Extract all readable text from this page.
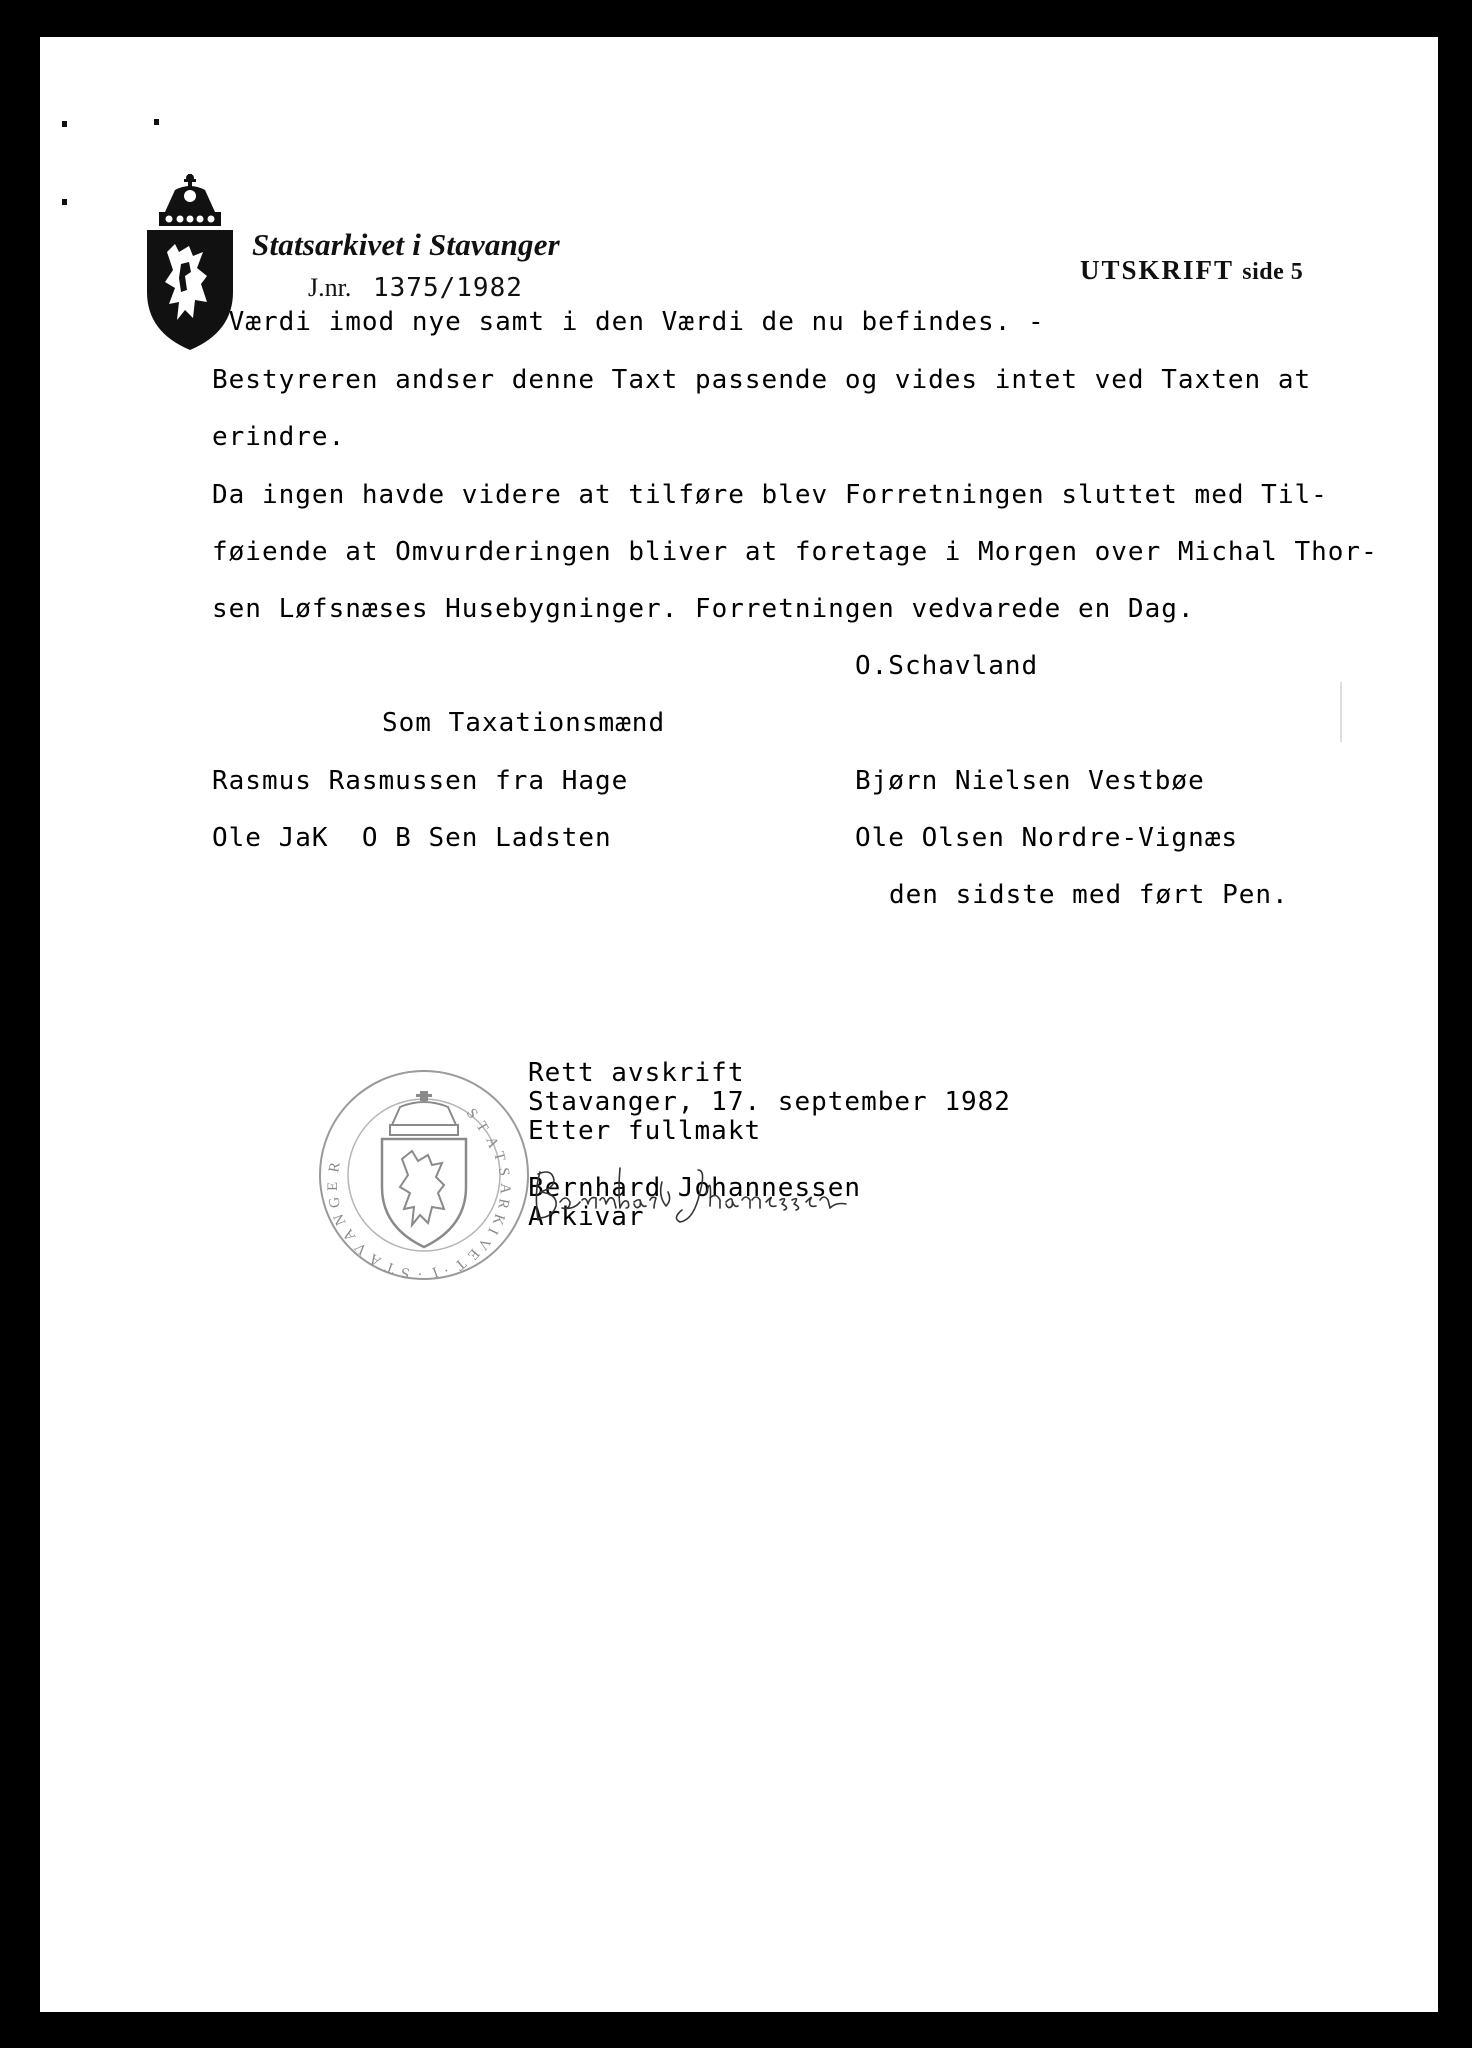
Statsarkivet i Stavanger
J.nr. 1375/1982
UTSKRIFT side 5
Værdi imod nye samt i den Værdi de nu befindes. -
Bestyreren andser denne Taxt passende og vides intet ved Taxten at
erindre.
Da ingen havde videre at tilføre blev Forretningen sluttet med Til-
føiende at Omvurderingen bliver at foretage i Morgen over Michal Thor-
sen Løfsnæses Husebygninger. Forretningen vedvarede en Dag.
O.Schavland
Som Taxationsmænd
Rasmus Rasmussen fra Hage	Bjørn Nielsen Vestbøe
Ole JaK  O B Sen Ladsten	Ole Olsen Nordre-Vignæs
den sidste med ført Pen.
S
T
A
T
S
A
R
K
I
V
E
T
·
I
·
S
T
A
V
A
N
G
E
R
Rett avskrift
Stavanger, 17. september 1982
Etter fullmakt
Bernhard Johannessen
Arkivar
